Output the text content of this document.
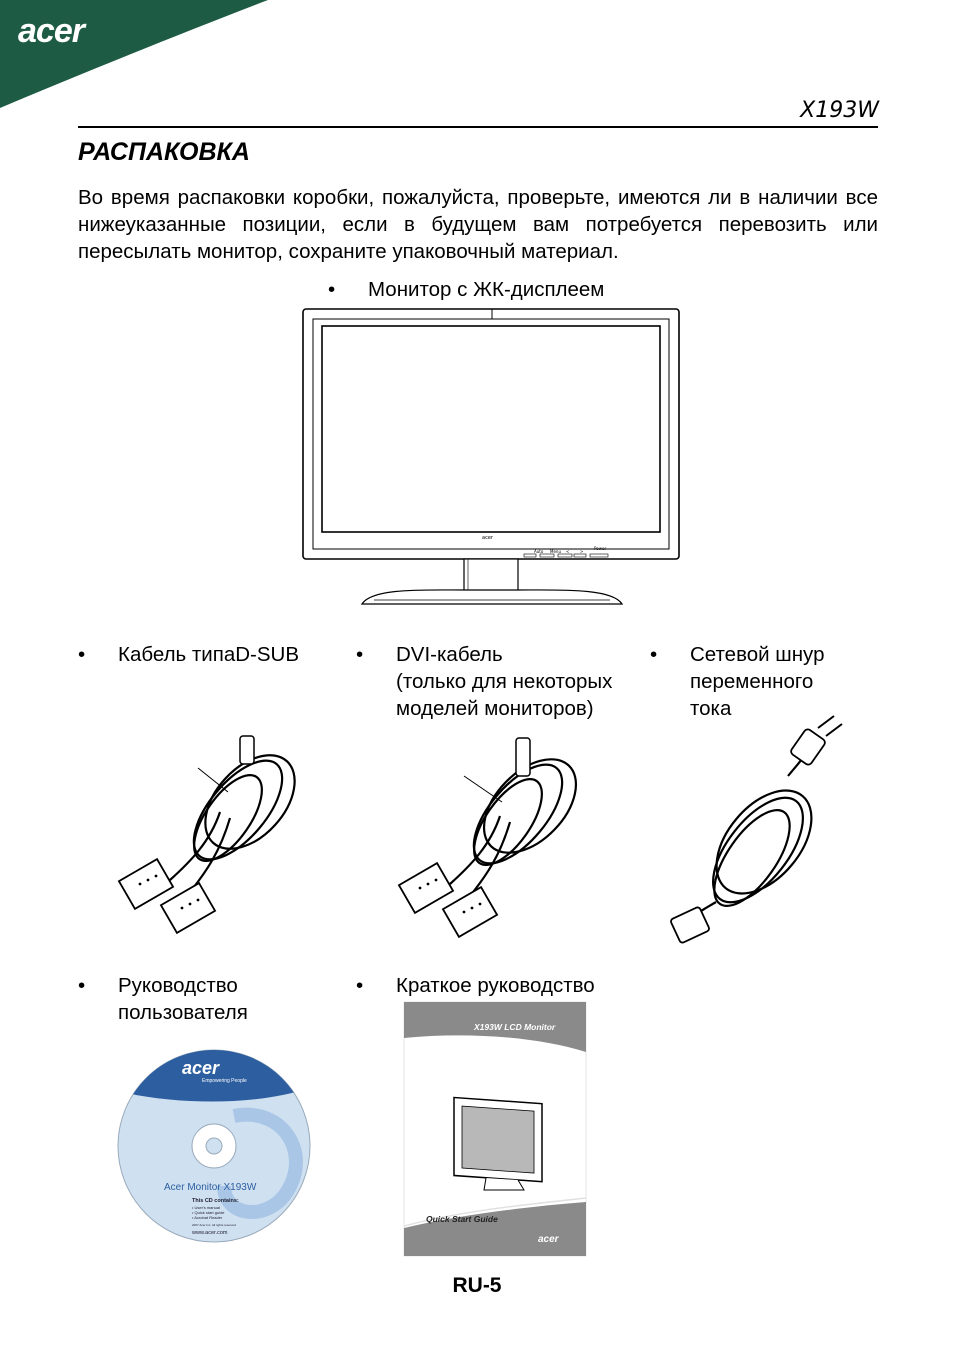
acer
X193W
РАСПАКОВКА
Во время распаковки коробки, пожалуйста, проверьте, имеются ли в наличии все нижеуказанные позиции, если в будущем вам потребуется перевозить или пересылать монитор, сохраните упаковочный материал.
•	Монитор с ЖК-дисплеем
acer
Auto Menu <	>
Power
•	Кабель типаD-SUB	•	DVI-кабель
(только для некоторых
моделей мониторов)
•	Сетевой шнур
переменного
тока
•	Руководство
пользователя
•	Краткое руководство
acer
Empowering People
Acer Monitor X193W
This CD contains:
• User's manual
• Quick start guide
• Acrobat Reader
2007 Acer Inc. All rights reserved
www.acer.com
X193W LCD Monitor
Quick Start Guide
acer
RU-5
